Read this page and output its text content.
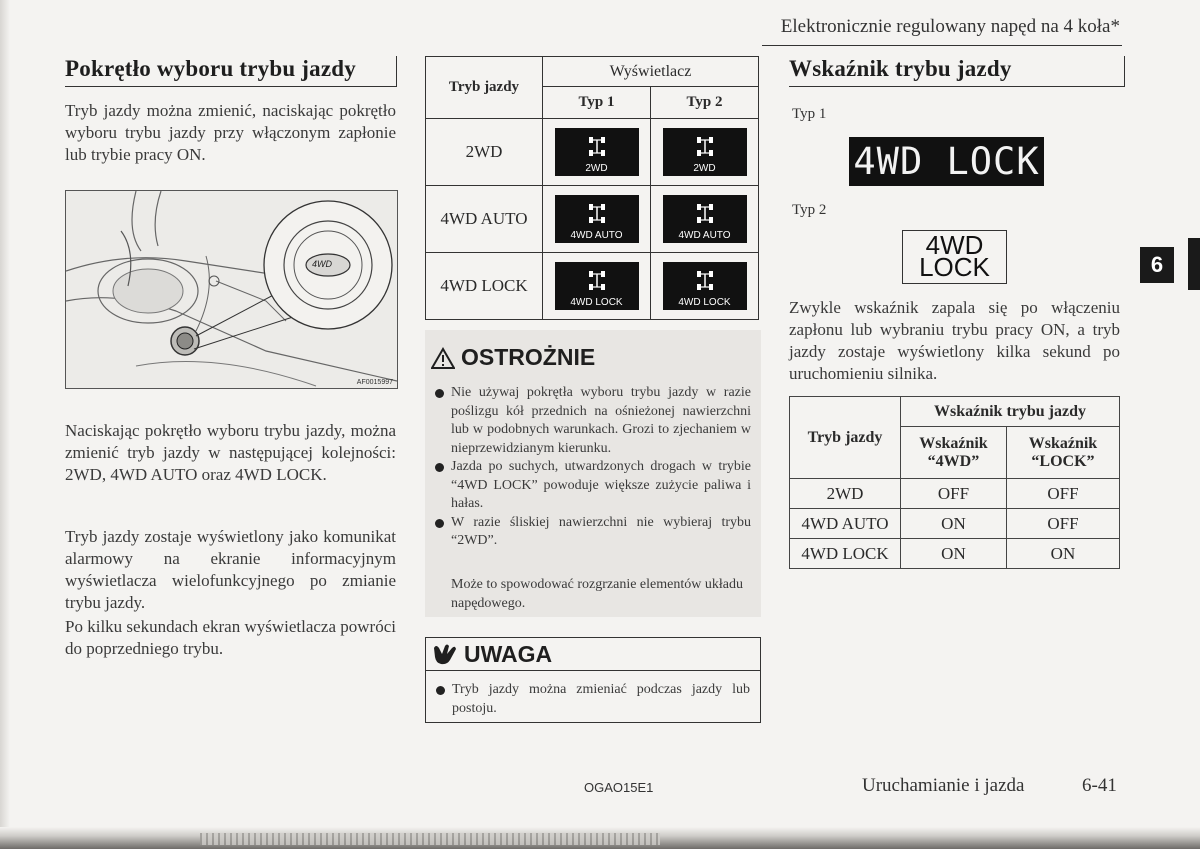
Elektronicznie regulowany napęd na 4 koła*
Pokrętło wyboru trybu jazdy
Tryb jazdy można zmienić, naciskając pokrętło wyboru trybu jazdy przy włączonym zapłonie lub trybie pracy ON.
4WD
AF0015997
Naciskając pokrętło wyboru trybu jazdy, można zmienić tryb jazdy w następującej kolejności: 2WD, 4WD AUTO oraz 4WD LOCK.
Tryb jazdy zostaje wyświetlony jako komunikat alarmowy na ekranie informacyjnym wyświetlacza wielofunkcyjnego po zmianie trybu jazdy.
Po kilku sekundach ekran wyświetlacza powróci do poprzedniego trybu.
Tryb jazdy	Wyświetlacz	
	Typ 1	Typ 2
2WD	2WD	2WD

4WD AUTO	4WD AUTO	4WD AUTO

4WD LOCK	4WD LOCK	4WD LOCK
OSTROŻNIE
Nie używaj pokrętła wyboru trybu jazdy w razie poślizgu kół przednich na ośnieżonej nawierzchni lub w podobnych warunkach. Grozi to zjechaniem w nieprzewidzianym kierunku.
Jazda po suchych, utwardzonych drogach w trybie “4WD LOCK” powoduje większe zużycie paliwa i hałas.
W razie śliskiej nawierzchni nie wybieraj trybu “2WD”.
Może to spowodować rozgrzanie elementów układu napędowego.
UWAGA
Tryb jazdy można zmieniać podczas jazdy lub postoju.
Wskaźnik trybu jazdy
Typ 1
4WD LOCK
Typ 2
4WD
LOCK
Zwykle wskaźnik zapala się po włączeniu zapłonu lub wybraniu trybu pracy ON, a tryb jazdy zostaje wyświetlony kilka sekund po uruchomieniu silnika.
Tryb jazdy	Wskaźnik trybu jazdy	
	Wskaźnik “4WD”	Wskaźnik “LOCK”
2WD	OFF	OFF
4WD AUTO	ON	OFF
4WD LOCK	ON	ON
6
OGAO15E1	Uruchamianie i jazda	6-41
